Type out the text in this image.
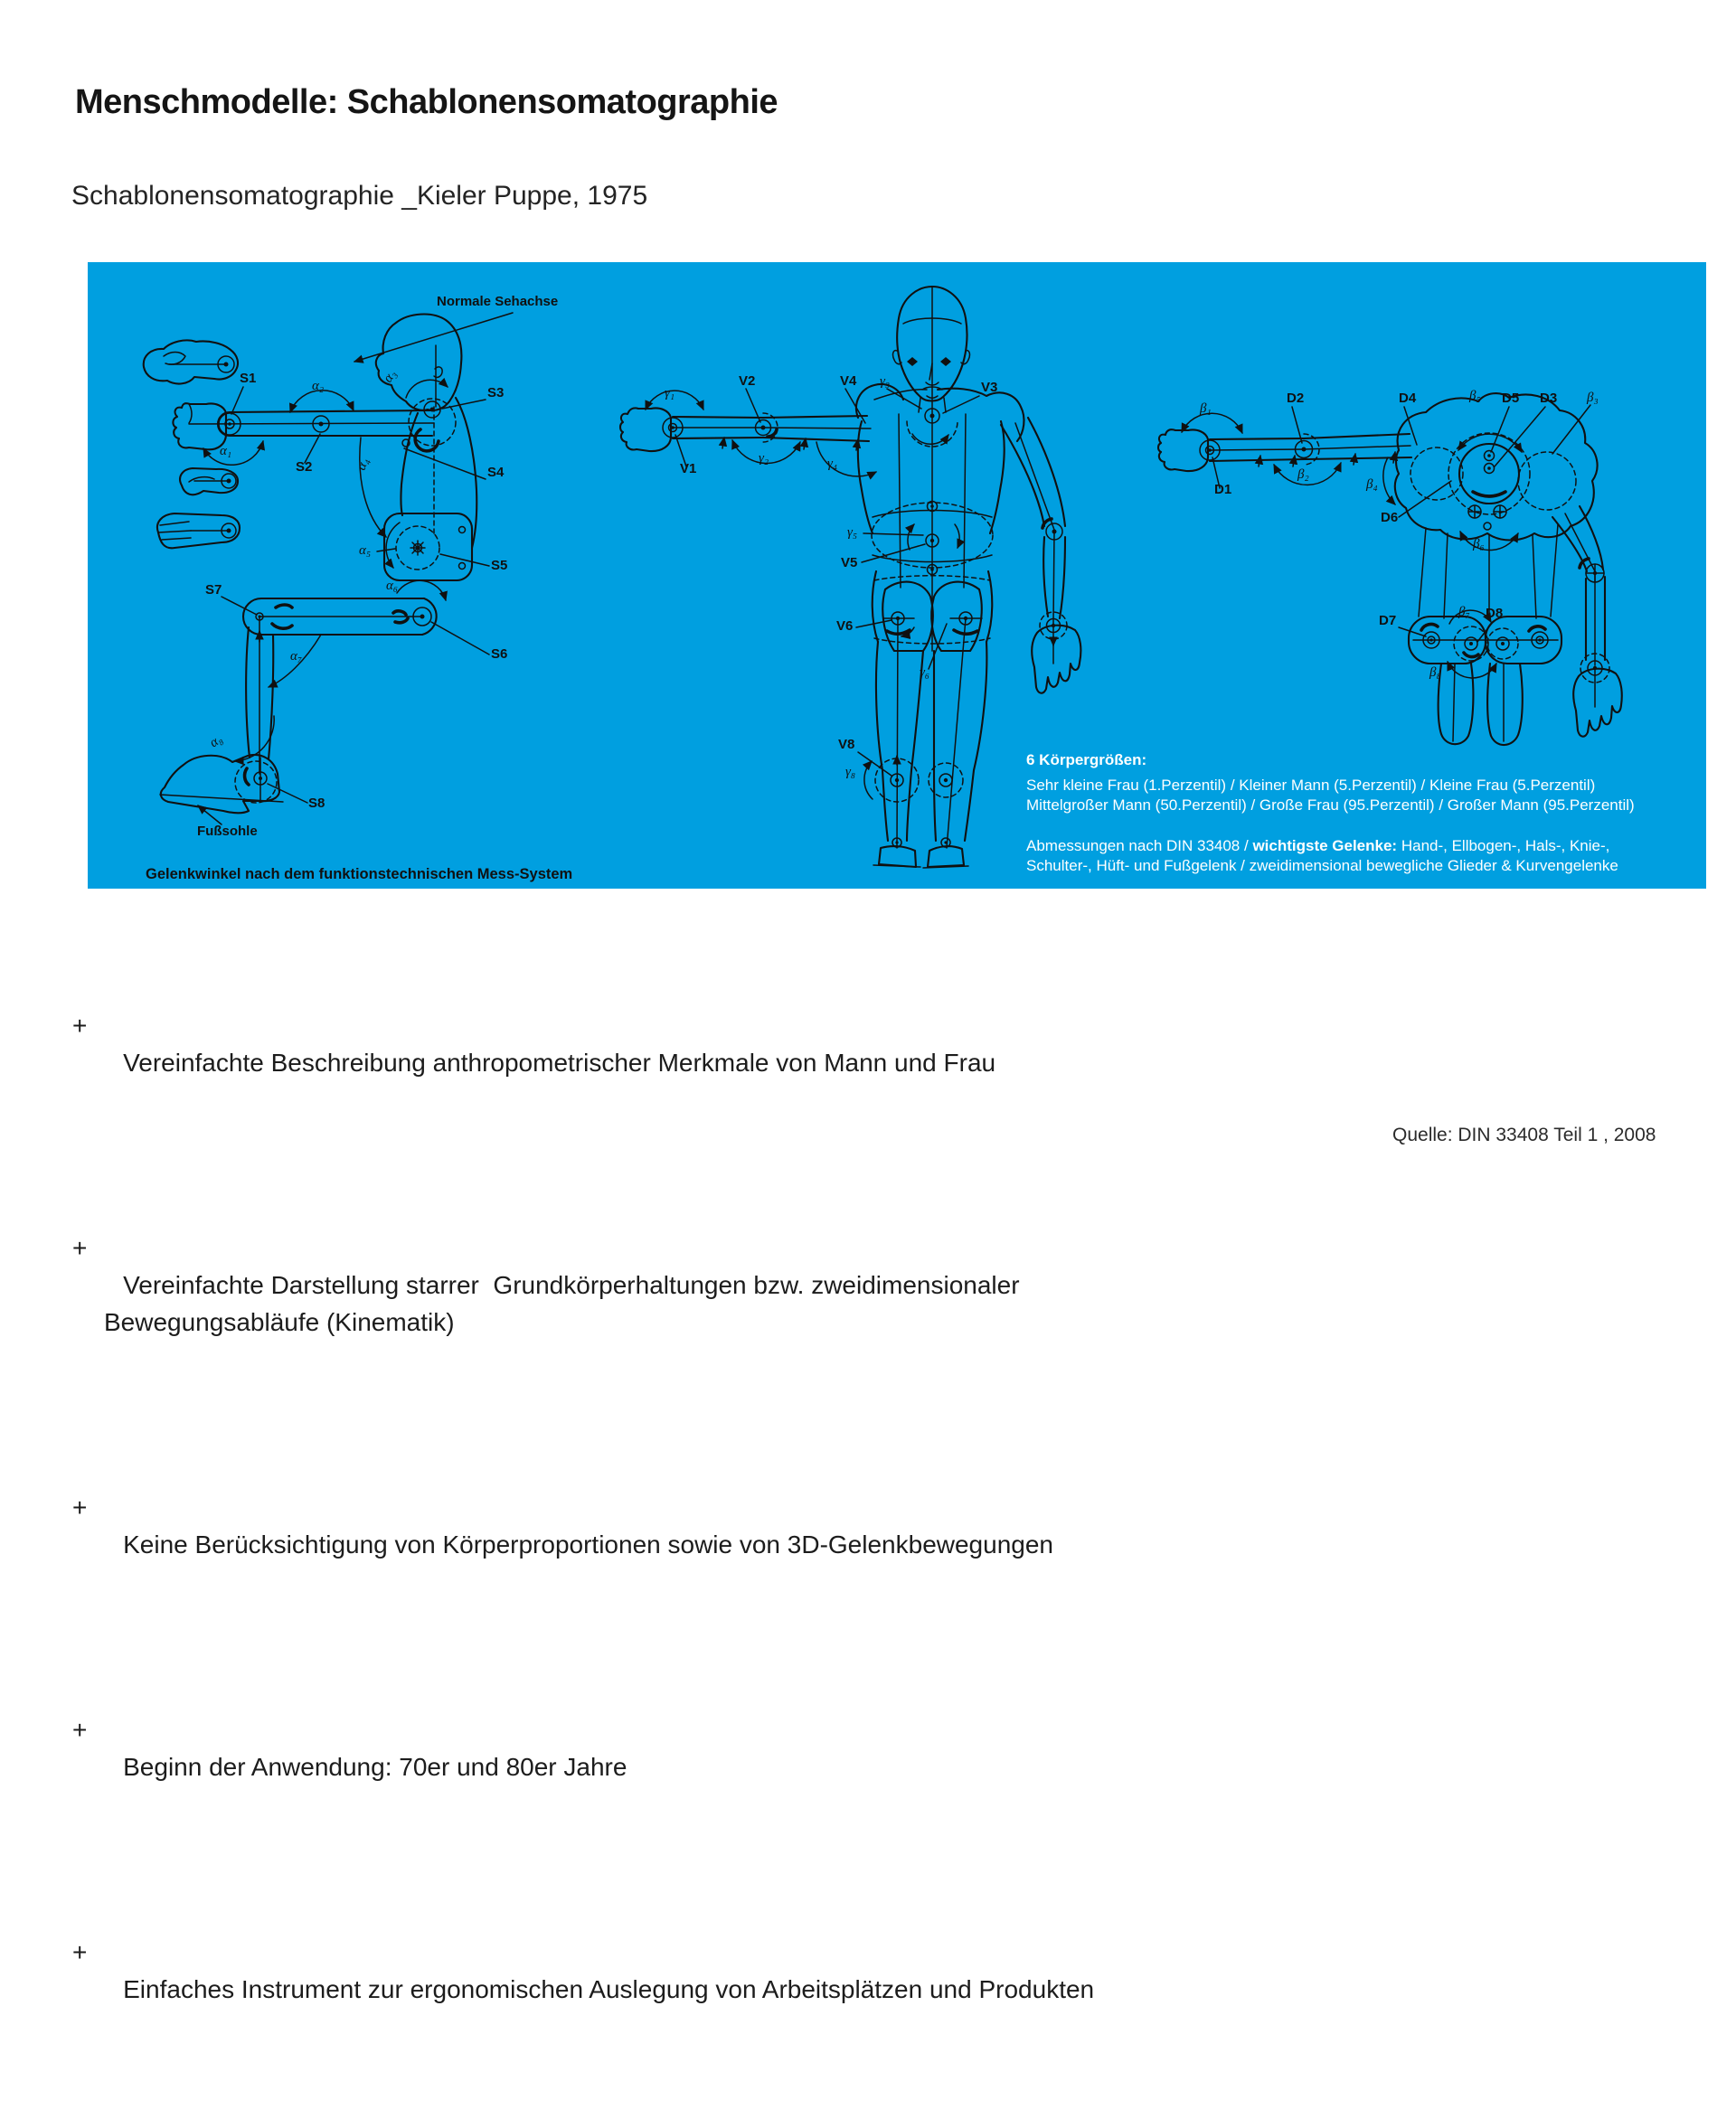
Menschmodelle: Schablonensomatographie
Schablonensomatographie _Kieler Puppe, 1975
Normale Sehachse
S1
S2
S3
S4
S5
S6
S7
S8
α₁
α₂
α₃
α₄
α₅
α₆
α₇
α₈
Fußsohle
Gelenkwinkel nach dem funktionstechnischen Mess-System
V1
V2	V3
V4
V5
V6
V8
γ₁
γ₂
γ₃
γ₄
γ₅
γ₆
γ₈
D1
D2	D3
D4	D5
D6
D7	D8
β₁
β₂
β₃
β₄
β₅
β₆
β₇
β₈
6 Körpergrößen:
Sehr kleine Frau (1.Perzentil) / Kleiner Mann (5.Perzentil) / Kleine Frau (5.Perzentil)
Mittelgroßer Mann (50.Perzentil) / Große Frau (95.Perzentil) / Großer Mann (95.Perzentil)
Abmessungen nach DIN 33408 / wichtigste Gelenke: Hand-, Ellbogen-, Hals-, Knie-,
Schulter-, Hüft- und Fußgelenk / zweidimensional bewegliche Glieder & Kurvengelenke

+
Vereinfachte Beschreibung anthropometrischer Merkmale von Mann und Frau

+
Vereinfachte Darstellung starrer  Grundkörperhaltungen bzw. zweidimensionaler
Bewegungsabläufe (Kinematik)

+
Keine Berücksichtigung von Körperproportionen sowie von 3D-Gelenkbewegungen

+
Beginn der Anwendung: 70er und 80er Jahre

+
Einfaches Instrument zur ergonomischen Auslegung von Arbeitsplätzen und Produkten

Quelle: DIN 33408 Teil 1 , 2008
